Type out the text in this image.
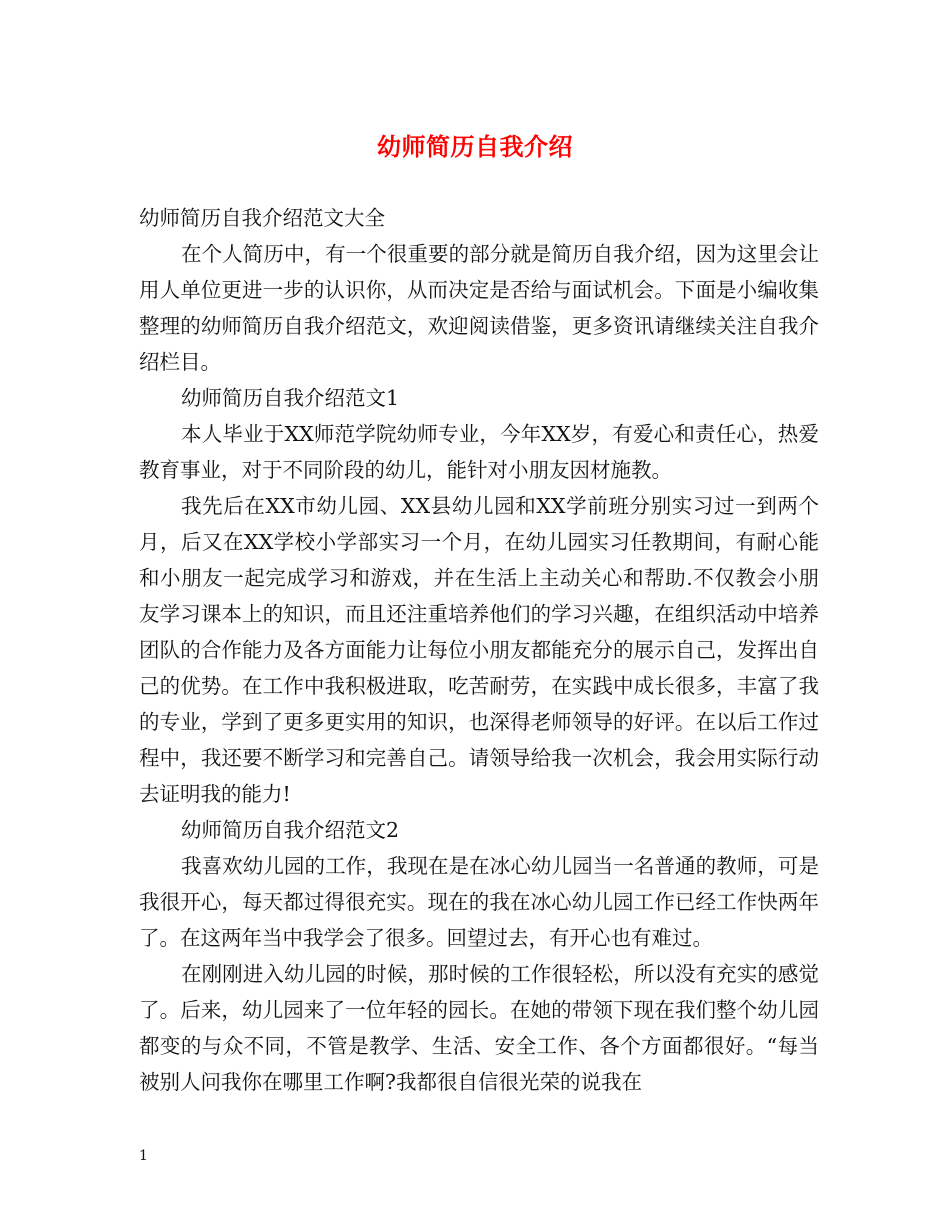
幼师简历自我介绍

幼师简历自我介绍范文大全

在个人简历中，有一个很重要的部分就是简历自我介绍，因为这里会让用人单位更进一步的认识你，从而决定是否给与面试机会。下面是小编收集整理的幼师简历自我介绍范文，欢迎阅读借鉴，更多资讯请继续关注自我介绍栏目。

幼师简历自我介绍范文1

本人毕业于XX师范学院幼师专业，今年XX岁，有爱心和责任心，热爱教育事业，对于不同阶段的幼儿，能针对小朋友因材施教。

我先后在XX市幼儿园、XX县幼儿园和XX学前班分别实习过一到两个月，后又在XX学校小学部实习一个月，在幼儿园实习任教期间，有耐心能和小朋友一起完成学习和游戏，并在生活上主动关心和帮助.不仅教会小朋友学习课本上的知识，而且还注重培养他们的学习兴趣，在组织活动中培养团队的合作能力及各方面能力让每位小朋友都能充分的展示自己，发挥出自己的优势。在工作中我积极进取，吃苦耐劳，在实践中成长很多，丰富了我的专业，学到了更多更实用的知识，也深得老师领导的好评。在以后工作过程中，我还要不断学习和完善自己。请领导给我一次机会，我会用实际行动去证明我的能力!

幼师简历自我介绍范文2

我喜欢幼儿园的工作，我现在是在冰心幼儿园当一名普通的教师，可是我很开心，每天都过得很充实。现在的我在冰心幼儿园工作已经工作快两年了。在这两年当中我学会了很多。回望过去，有开心也有难过。

在刚刚进入幼儿园的时候，那时候的工作很轻松，所以没有充实的感觉了。后来，幼儿园来了一位年轻的园长。在她的带领下现在我们整个幼儿园都变的与众不同，不管是教学、生活、安全工作、各个方面都很好。“每当被别人问我你在哪里工作啊?我都很自信很光荣的说我在

1
